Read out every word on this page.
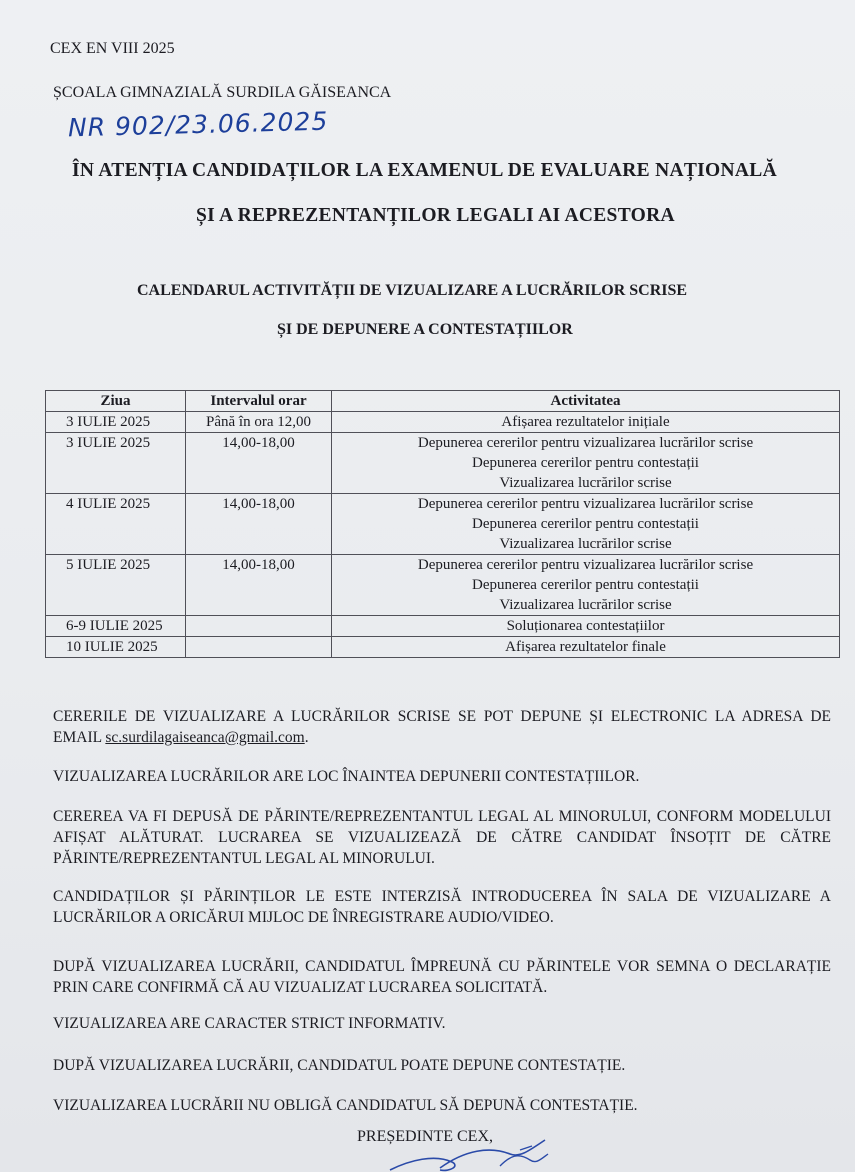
CEX EN VIII 2025
ȘCOALA GIMNAZIALĂ SURDILA GĂISEANCA
NR 902/23.06.2025
ÎN ATENȚIA CANDIDAȚILOR LA EXAMENUL DE EVALUARE NAȚIONALĂ
ȘI A REPREZENTANȚILOR LEGALI AI ACESTORA
CALENDARUL ACTIVITĂȚII DE VIZUALIZARE A LUCRĂRILOR SCRISE
ȘI DE DEPUNERE A CONTESTAȚIILOR
Ziua	Intervalul orar	Activitatea
3 IULIE 2025	Până în ora 12,00	Afișarea rezultatelor inițiale

3 IULIE 2025	14,00-18,00	Depunerea cererilor pentru vizualizarea lucrărilor scrise
Depunerea cererilor pentru contestații
Vizualizarea lucrărilor scrise

4 IULIE 2025	14,00-18,00	Depunerea cererilor pentru vizualizarea lucrărilor scrise
Depunerea cererilor pentru contestații
Vizualizarea lucrărilor scrise

5 IULIE 2025	14,00-18,00	Depunerea cererilor pentru vizualizarea lucrărilor scrise
Depunerea cererilor pentru contestații
Vizualizarea lucrărilor scrise

6-9 IULIE 2025		Soluționarea contestațiilor

10 IULIE 2025		Afișarea rezultatelor finale
CERERILE DE VIZUALIZARE A LUCRĂRILOR SCRISE SE POT DEPUNE ȘI ELECTRONIC LA ADRESA DE EMAIL sc.surdilagaiseanca@gmail.com.
VIZUALIZAREA LUCRĂRILOR ARE LOC ÎNAINTEA DEPUNERII CONTESTAȚIILOR.
CEREREA VA FI DEPUSĂ DE PĂRINTE/REPREZENTANTUL LEGAL AL MINORULUI, CONFORM MODELULUI AFIȘAT ALĂTURAT. LUCRAREA SE VIZUALIZEAZĂ DE CĂTRE CANDIDAT ÎNSOȚIT DE CĂTRE PĂRINTE/REPREZENTANTUL LEGAL AL MINORULUI.
CANDIDAȚILOR ȘI PĂRINȚILOR LE ESTE INTERZISĂ INTRODUCEREA ÎN SALA DE VIZUALIZARE A LUCRĂRILOR A ORICĂRUI MIJLOC DE ÎNREGISTRARE AUDIO/VIDEO.
DUPĂ VIZUALIZAREA LUCRĂRII, CANDIDATUL ÎMPREUNĂ CU PĂRINTELE VOR SEMNA O DECLARAȚIE PRIN CARE CONFIRMĂ CĂ AU VIZUALIZAT LUCRAREA SOLICITATĂ.
VIZUALIZAREA ARE CARACTER STRICT INFORMATIV.
DUPĂ VIZUALIZAREA LUCRĂRII, CANDIDATUL POATE DEPUNE CONTESTAȚIE.
VIZUALIZAREA LUCRĂRII NU OBLIGĂ CANDIDATUL SĂ DEPUNĂ CONTESTAȚIE.
PREȘEDINTE CEX,
